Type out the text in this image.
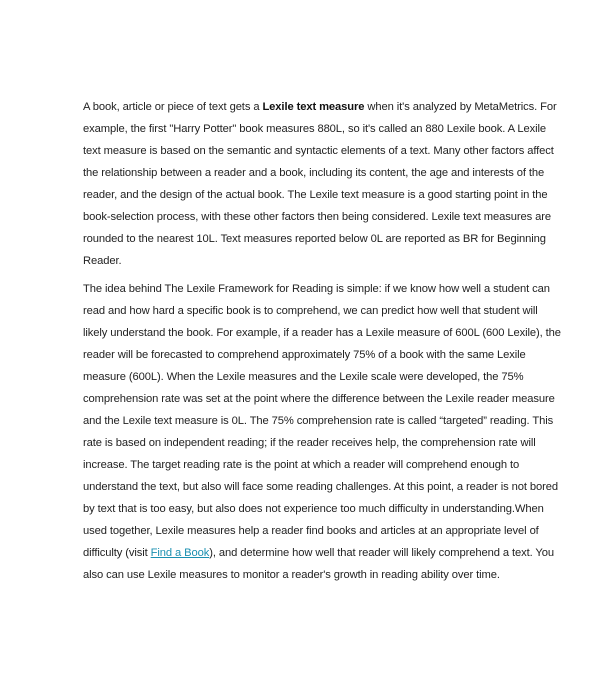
A book, article or piece of text gets a Lexile text measure when it's analyzed by MetaMetrics. For example, the first "Harry Potter" book measures 880L, so it's called an 880 Lexile book. A Lexile text measure is based on the semantic and syntactic elements of a text. Many other factors affect the relationship between a reader and a book, including its content, the age and interests of the reader, and the design of the actual book. The Lexile text measure is a good starting point in the book-selection process, with these other factors then being considered. Lexile text measures are rounded to the nearest 10L. Text measures reported below 0L are reported as BR for Beginning Reader.

The idea behind The Lexile Framework for Reading is simple: if we know how well a student can read and how hard a specific book is to comprehend, we can predict how well that student will likely understand the book. For example, if a reader has a Lexile measure of 600L (600 Lexile), the reader will be forecasted to comprehend approximately 75% of a book with the same Lexile measure (600L). When the Lexile measures and the Lexile scale were developed, the 75% comprehension rate was set at the point where the difference between the Lexile reader measure and the Lexile text measure is 0L. The 75% comprehension rate is called “targeted” reading. This rate is based on independent reading; if the reader receives help, the comprehension rate will increase. The target reading rate is the point at which a reader will comprehend enough to understand the text, but also will face some reading challenges. At this point, a reader is not bored by text that is too easy, but also does not experience too much difficulty in understanding.When used together, Lexile measures help a reader find books and articles at an appropriate level of difficulty (visit Find a Book), and determine how well that reader will likely comprehend a text. You also can use Lexile measures to monitor a reader's growth in reading ability over time.
